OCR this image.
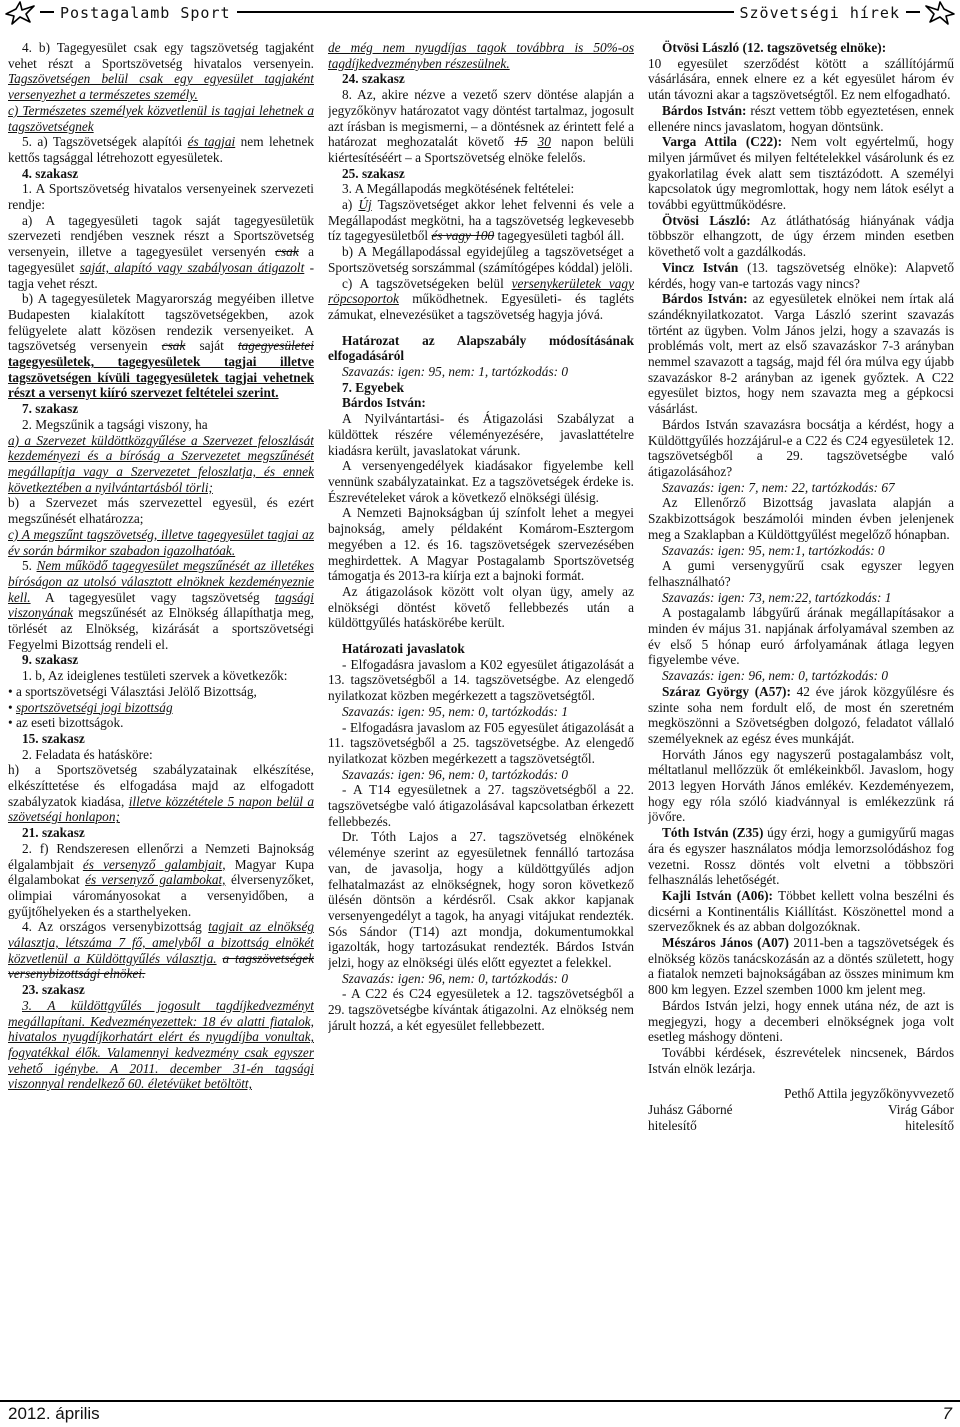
Postagalamb Sport	Szövetségi hírek

4. b) Tagegyesület csak egy tagszövetség tagjaként vehet részt a Sportszövetség hivatalos versenyein. Tagszövetségen belül csak egy egyesület tagjaként versenyezhet a természetes személy.

c) Természetes személyek közvetlenül is tagjai lehetnek a tagszövetségnek

5. a) Tagszövetségek alapítói és tagjai nem lehetnek kettős tagsággal létrehozott egyesületek.

4. szakasz

1. A Sportszövetség hivatalos versenyeinek szervezeti rendje:

a) A tagegyesületi tagok saját tagegyesületük szervezeti rendjében vesznek részt a Sportszövetség versenyein, illetve a tagegyesület versenyén csak a tagegyesület saját, alapító vagy szabályosan átigazolt - tagja vehet részt.

b) A tagegyesületek Magyarország megyéiben illetve Budapesten kialakított tagszövetségekben, azok felügyelete alatt közösen rendezik versenyeiket. A tagszövetség versenyein csak saját tagegyesületei tagegyesületek, tagegyesületek tagjai illetve tagszövetségen kívüli tagegyesületek tagjai vehetnek részt a versenyt kiíró szervezet feltételei szerint.

7. szakasz

2. Megszűnik a tagsági viszony, ha

a) a Szervezet küldöttközgyűlése a Szervezet feloszlását kezdeményezi és a bíróság a Szervezetet megszűnését megállapítja vagy a Szervezetet feloszlatja, és ennek következtében a nyilvántartásból törli;

b) a Szervezet más szervezettel egyesül, és ezért megszűnését elhatározza;

c) A megszűnt tagszövetség, illetve tagegyesület tagjai az év során bármikor szabadon igazolhatóak.

5. Nem működő tagegyesület megszűnését az illetékes bíróságon az utolsó választott elnöknek kezdeményeznie kell. A tagegyesület vagy tagszövetség tagsági viszonyának megszűnését az Elnökség állapíthatja meg, törlését az Elnökség, kizárását a sportszövetségi Fegyelmi Bizottság rendeli el.

9. szakasz

1. b, Az ideiglenes testületi szervek a következők:

• a sportszövetségi Választási Jelölő Bizottság,

• sportszövetségi jogi bizottság

• az eseti bizottságok.

15. szakasz

2. Feladata és hatásköre:

h) a Sportszövetség szabályzatainak elkészítése, elkészíttetése és elfogadása majd az elfogadott szabályzatok kiadása, illetve közzététele 5 napon belül a szövetségi honlapon;

21. szakasz

2. f) Rendszeresen ellenőrzi a Nemzeti Bajnokság élgalambjait és versenyző galambjait, Magyar Kupa élgalambokat és versenyző galambokat, élversenyzőket, olimpiai várományosokat a versenyidőben, a gyűjtőhelyeken és a starthelyeken.

4. Az országos versenybizottság tagjait az elnökség választja, létszáma 7 fő, amelyből a bizottság elnökét közvetlenül a Küldöttgyűlés választja. a tagszövetségek versenybizottsági elnökei.

23. szakasz

3. A küldöttgyűlés jogosult tagdíjkedvezményt megállapítani. Kedvezményezettek: 18 év alatti fiatalok, hivatalos nyugdíjkorhatárt elért és nyugdíjba vonultak, fogyatékkal élők. Valamennyi kedvezmény csak egyszer vehető igénybe. A 2011. december 31-én tagsági viszonnyal rendelkező 60. életévüket betöltött,

de még nem nyugdíjas tagok továbbra is 50%-os tagdíjkedvezményben részesülnek.

24. szakasz

8. Az, akire nézve a vezető szerv döntése alapján a jegyzőkönyv határozatot vagy döntést tartalmaz, jogosult azt írásban is megismerni, – a döntésnek az érintett felé a határozat meghozatalát követő 15 30 napon belüli kiértesítéséért – a Sportszövetség elnöke felelős.

25. szakasz

3. A Megállapodás megkötésének feltételei:

a) Új Tagszövetséget akkor lehet felvenni és vele a Megállapodást megkötni, ha a tagszövetség legkevesebb tíz tagegyesületből és vagy 100 tagegyesületi tagból áll.

b) A Megállapodással egyidejűleg a tagszövetséget a Sportszövetség sorszámmal (számítógépes kóddal) jelöli.

c) A tagszövetségeken belül versenykerületek vagy röpcsoportok működhetnek. Egyesületi- és tagléts zámukat, elnevezésüket a tagszövetség hagyja jóvá.

Határozat az Alapszabály módosításának elfogadásáról

Szavazás: igen: 95, nem: 1, tartózkodás: 0

7. Egyebek

Bárdos István:

A Nyilvántartási- és Átigazolási Szabályzat a küldöttek részére véleményezésére, javaslattételre kiadásra került, javaslatokat várunk.

A versenyengedélyek kiadásakor figyelembe kell vennünk szabályzatainkat. Ez a tagszövetségek érdeke is. Észrevételeket várok a következő elnökségi ülésig.

A Nemzeti Bajnokságban új színfolt lehet a megyei bajnokság, amely példaként Komárom-Esztergom megyében a 12. és 16. tagszövetségek szervezésében meghirdettek. A Magyar Postagalamb Sportszövetség támogatja és 2013-ra kiírja ezt a bajnoki formát.

Az átigazolások között volt olyan ügy, amely az elnökségi döntést követő fellebbezés után a küldöttgyűlés hatáskörébe került.

Határozati javaslatok

- Elfogadásra javaslom a K02 egyesület átigazolását a 13. tagszövetségből a 14. tagszövetségbe. Az elengedő nyilatkozat közben megérkezett a tagszövetségtől.

Szavazás: igen: 95, nem: 0, tartózkodás: 1

- Elfogadásra javaslom az F05 egyesület átigazolását a 11. tagszövetségből a 25. tagszövetségbe. Az elengedő nyilatkozat közben megérkezett a tagszövetségtől.

Szavazás: igen: 96, nem: 0, tartózkodás: 0

- A T14 egyesületnek a 27. tagszövetségből a 22. tagszövetségbe való átigazolásával kapcsolatban érkezett fellebbezés.

Dr. Tóth Lajos a 27. tagszövetség elnökének véleménye szerint az egyesületnek fennálló tartozása van, de javasolja, hogy a küldöttgyűlés adjon felhatalmazást az elnökségnek, hogy soron következő ülésén döntsön a kérdésről. Csak akkor kapjanak versenyengedélyt a tagok, ha anyagi vitájukat rendezték. Sós Sándor (T14) azt mondja, dokumentumokkal igazolták, hogy tartozásukat rendezték. Bárdos István jelzi, hogy az elnökségi ülés előtt egyeztet a felekkel.

Szavazás: igen: 96, nem: 0, tartózkodás: 0

- A C22 és C24 egyesületek a 12. tagszövetségből a 29. tagszövetségbe kívántak átigazolni. Az elnökség nem járult hozzá, a két egyesület fellebbezett.

Ötvösi László (12. tagszövetség elnöke):

10 egyesület szerződést kötött a szállítójármű vásárlására, ennek elnere ez a két egyesület három év után távozni akar a tagszövetségtől. Ez nem elfogadható.

Bárdos István: részt vettem több egyeztetésen, ennek ellenére nincs javaslatom, hogyan döntsünk.

Varga Attila (C22): Nem volt egyértelmű, hogy milyen járművet és milyen feltételekkel vásárolunk és ez gyakorlatilag évek alatt sem tisztázódott. A személyi kapcsolatok úgy megromlottak, hogy nem látok esélyt a további együttműködésre.

Ötvösi László: Az átláthatóság hiányának vádja többször elhangzott, de úgy érzem minden esetben követhető volt a gazdálkodás.

Vincz István (13. tagszövetség elnöke): Alapvető kérdés, hogy van-e tartozás vagy nincs?

Bárdos István: az egyesületek elnökei nem írtak alá szándéknyilatkozatot. Varga László szerint szavazás történt az ügyben. Volm János jelzi, hogy a szavazás is problémás volt, mert az első szavazáskor 7-3 arányban nemmel szavazott a tagság, majd fél óra múlva egy újabb szavazáskor 8-2 arányban az igenek győztek. A C22 egyesület biztos, hogy nem szavazta meg a gépkocsi vásárlást.

Bárdos István szavazásra bocsátja a kérdést, hogy a Küldöttgyűlés hozzájárul-e a C22 és C24 egyesületek 12. tagszövetségből a 29. tagszövetségbe való átigazolásához?

Szavazás: igen: 7, nem: 22, tartózkodás: 67

Az Ellenőrző Bizottság javaslata alapján a Szakbizottságok beszámolói minden évben jelenjenek meg a Szaklapban a Küldöttgyűlést megelőző hónapban.

Szavazás: igen: 95, nem:1, tartózkodás: 0

A gumi versenygyűrű csak egyszer legyen felhasználható?

Szavazás: igen: 73, nem:22, tartózkodás: 1

A postagalamb lábgyűrű árának megállapításakor a minden év május 31. napjának árfolyamával szemben az év első 5 hónap euró árfolyamának átlaga legyen figyelembe véve.

Szavazás: igen: 96, nem: 0, tartózkodás: 0

Száraz György (A57): 42 éve járok közgyűlésre és szinte soha nem fordult elő, de most én szeretném megköszönni a Szövetségben dolgozó, feladatot vállaló személyeknek az egész éves munkáját.

Horváth János egy nagyszerű postagalambász volt, méltatlanul mellőzzük őt emlékeinkből. Javaslom, hogy 2013 legyen Horváth János emlékév. Kezdeményezem, hogy egy róla szóló kiadvánnyal is emlékezzünk rá jövőre.

Tóth István (Z35) úgy érzi, hogy a gumigyűrű magas ára és egyszer használatos módja lemorzsolódáshoz fog vezetni. Rossz döntés volt elvetni a többszöri felhasználás lehetőségét.

Kajli István (A06): Többet kellett volna beszélni és dicsérni a Kontinentális Kiállítást. Köszönettel mond a szervezőknek és az abban dolgozóknak.

Mészáros János (A07) 2011-ben a tagszövetségek és elnökség közös tanácskozásán az a döntés született, hogy a fiatalok nemzeti bajnokságában az összes minimum km 800 km legyen. Ezzel szemben 1000 km jelent meg.

Bárdos István jelzi, hogy ennek utána néz, de azt is megjegyzi, hogy a decemberi elnökségnek joga volt esetleg máshogy dönteni.

További kérdések, észrevételek nincsenek, Bárdos István elnök lezárja.

Pethő Attila jegyzőkönyvvezető

Juhász Gáborné	Virág Gábor
hitelesítő	hitelesítő
2012. április	7
